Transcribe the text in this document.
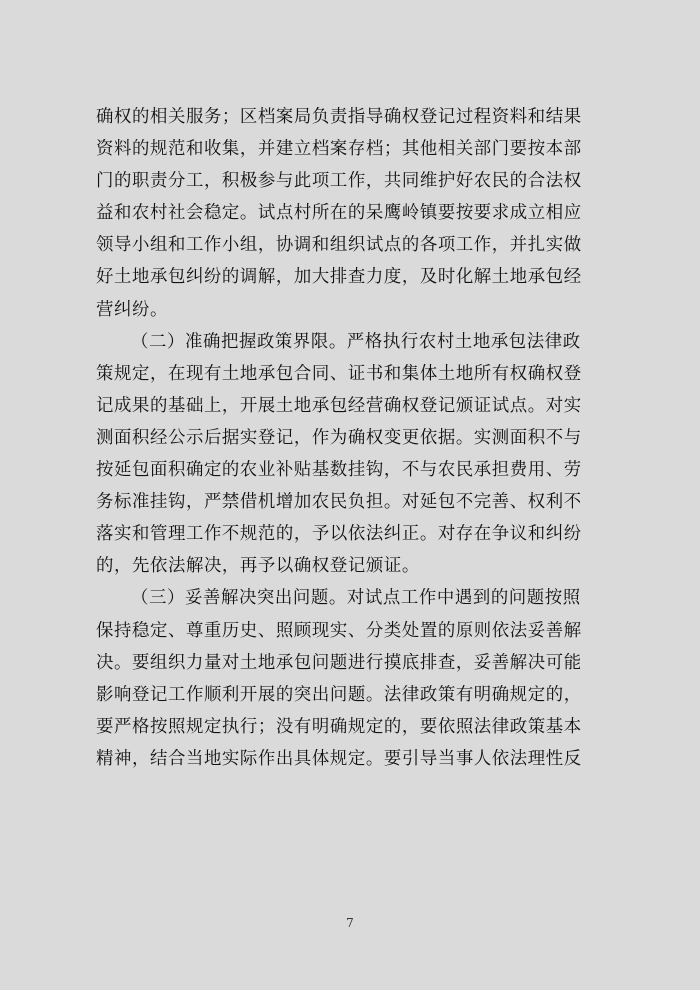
确权的相关服务；区档案局负责指导确权登记过程资料和结果
资料的规范和收集，并建立档案存档；其他相关部门要按本部
门的职责分工，积极参与此项工作，共同维护好农民的合法权
益和农村社会稳定。试点村所在的呆鹰岭镇要按要求成立相应
领导小组和工作小组，协调和组织试点的各项工作，并扎实做
好土地承包纠纷的调解，加大排查力度，及时化解土地承包经
营纠纷。
（二）准确把握政策界限。严格执行农村土地承包法律政
策规定，在现有土地承包合同、证书和集体土地所有权确权登
记成果的基础上，开展土地承包经营确权登记颁证试点。对实
测面积经公示后据实登记，作为确权变更依据。实测面积不与
按延包面积确定的农业补贴基数挂钩，不与农民承担费用、劳
务标准挂钩，严禁借机增加农民负担。对延包不完善、权利不
落实和管理工作不规范的，予以依法纠正。对存在争议和纠纷
的，先依法解决，再予以确权登记颁证。
（三）妥善解决突出问题。对试点工作中遇到的问题按照
保持稳定、尊重历史、照顾现实、分类处置的原则依法妥善解
决。要组织力量对土地承包问题进行摸底排查，妥善解决可能
影响登记工作顺利开展的突出问题。法律政策有明确规定的，
要严格按照规定执行；没有明确规定的，要依照法律政策基本
精神，结合当地实际作出具体规定。要引导当事人依法理性反
7
